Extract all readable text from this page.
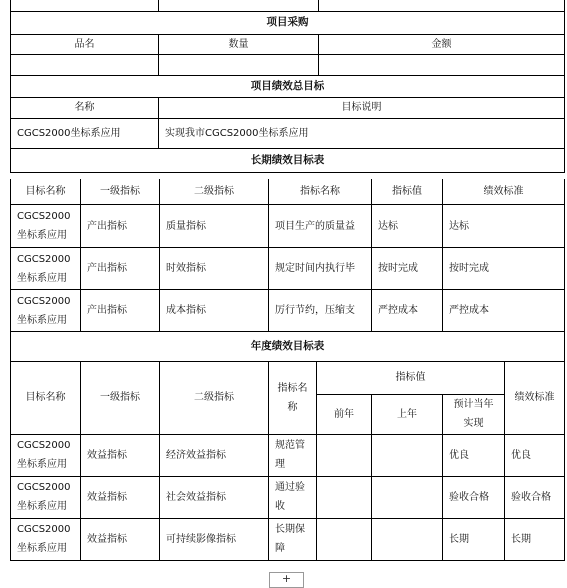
项目采购		
品名	数量	金额

项目绩效总目标		
名称	目标说明	
CGCS2000坐标系应用	实现我市CGCS2000坐标系应用	
长期绩效目标表		
目标名称	一级指标	二级指标	指标名称	指标值	绩效标准
CGCS2000坐标系应用	产出指标	质量指标	项目生产的质量益	达标	达标
CGCS2000坐标系应用	产出指标	时效指标	规定时间内执行毕	按时完成	按时完成
CGCS2000坐标系应用	产出指标	成本指标	厉行节约，压缩支	严控成本	严控成本
年度绩效目标表					
目标名称	一级指标	二级指标	指标名称	指标值			绩效标准
				前年	上年	预计当年实现	
CGCS2000坐标系应用	效益指标	经济效益指标	规范管理			优良	优良
CGCS2000坐标系应用	效益指标	社会效益指标	通过验收			验收合格	验收合格
CGCS2000坐标系应用	效益指标	可持续影像指标	长期保障			长期	长期
+
